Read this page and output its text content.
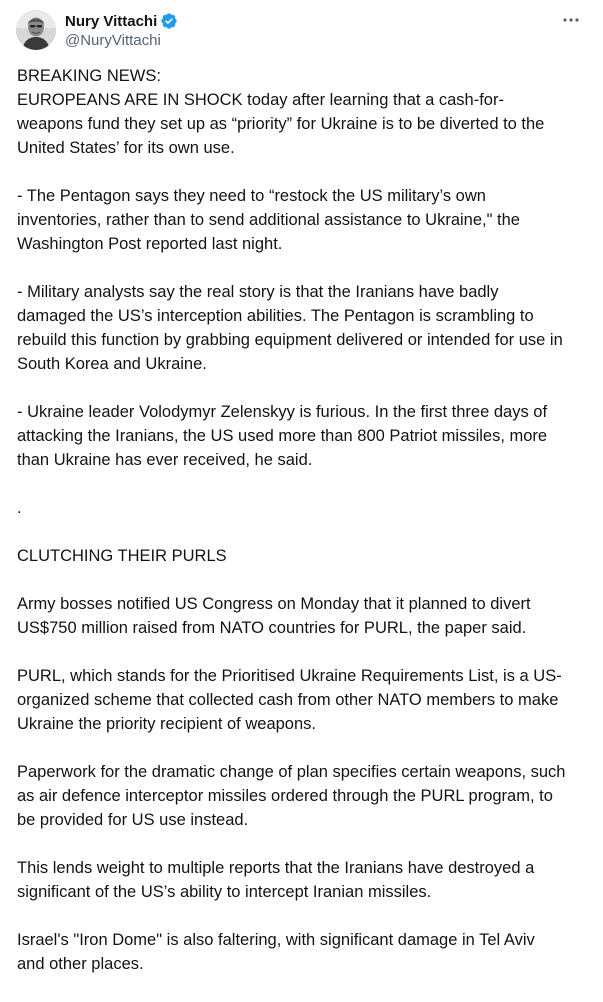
Nury Vittachi
@NuryVittachi

BREAKING NEWS:
EUROPEANS ARE IN SHOCK today after learning that a cash-for-
weapons fund they set up as “priority” for Ukraine is to be diverted to the
United States’ for its own use.

- The Pentagon says they need to “restock the US military’s own
inventories, rather than to send additional assistance to Ukraine," the
Washington Post reported last night.

- Military analysts say the real story is that the Iranians have badly
damaged the US’s interception abilities. The Pentagon is scrambling to
rebuild this function by grabbing equipment delivered or intended for use in
South Korea and Ukraine.

- Ukraine leader Volodymyr Zelenskyy is furious. In the first three days of
attacking the Iranians, the US used more than 800 Patriot missiles, more
than Ukraine has ever received, he said.

.

CLUTCHING THEIR PURLS

Army bosses notified US Congress on Monday that it planned to divert
US$750 million raised from NATO countries for PURL, the paper said.

PURL, which stands for the Prioritised Ukraine Requirements List, is a US-
organized scheme that collected cash from other NATO members to make
Ukraine the priority recipient of weapons.

Paperwork for the dramatic change of plan specifies certain weapons, such
as air defence interceptor missiles ordered through the PURL program, to
be provided for US use instead.

This lends weight to multiple reports that the Iranians have destroyed a
significant of the US’s ability to intercept Iranian missiles.

Israel's "Iron Dome" is also faltering, with significant damage in Tel Aviv
and other places.
